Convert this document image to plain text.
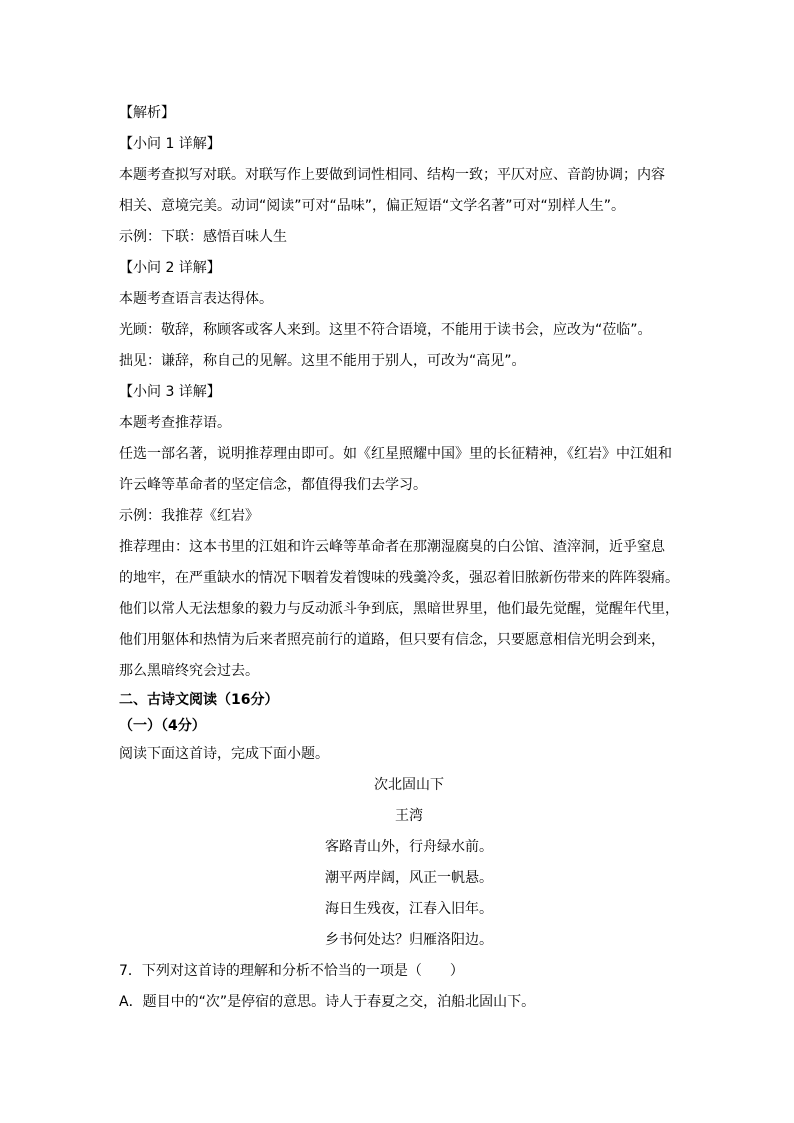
【解析】
【小问 1 详解】
本题考查拟写对联。对联写作上要做到词性相同、结构一致；平仄对应、音韵协调；内容
相关、意境完美。动词“阅读”可对“品味”，偏正短语“文学名著”可对“别样人生”。
示例：下联：感悟百味人生
【小问 2 详解】
本题考查语言表达得体。
光顾：敬辞，称顾客或客人来到。这里不符合语境，不能用于读书会，应改为“莅临”。
拙见：谦辞，称自己的见解。这里不能用于别人，可改为“高见”。
【小问 3 详解】
本题考查推荐语。
任选一部名著，说明推荐理由即可。如《红星照耀中国》里的长征精神，《红岩》中江姐和
许云峰等革命者的坚定信念，都值得我们去学习。
示例：我推荐《红岩》
推荐理由：这本书里的江姐和许云峰等革命者在那潮湿腐臭的白公馆、渣滓洞，近乎窒息
的地牢，在严重缺水的情况下咽着发着馊味的残羹冷炙，强忍着旧脓新伤带来的阵阵裂痛。
他们以常人无法想象的毅力与反动派斗争到底，黑暗世界里，他们最先觉醒，觉醒年代里，
他们用躯体和热情为后来者照亮前行的道路，但只要有信念，只要愿意相信光明会到来，
那么黑暗终究会过去。
二、古诗文阅读（16分）
（一）（4分）
阅读下面这首诗，完成下面小题。
次北固山下
王湾
客路青山外，行舟绿水前。
潮平两岸阔，风正一帆悬。
海日生残夜，江春入旧年。
乡书何处达？归雁洛阳边。
7．下列对这首诗的理解和分析不恰当的一项是（　　）
A．题目中的“次”是停宿的意思。诗人于春夏之交，泊船北固山下。
